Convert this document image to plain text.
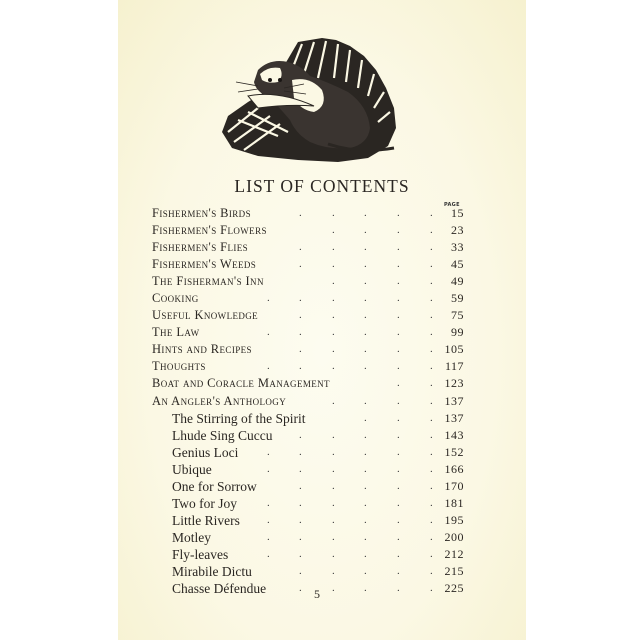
LIST OF CONTENTS
PAGE
.	.	.	.	.
Fishermen's Birds	15
.	.	.	.
Fishermen's Flowers	23
.	.	.	.	.
Fishermen's Flies	33
.	.	.	.	.
Fishermen's Weeds	45
.	.	.	.
The Fisherman's Inn	49
.	.	.	.	.	.
Cooking	59
.	.	.	.	.
Useful Knowledge	75
.	.	.	.	.	.
The Law	99
.	.	.	.	.
Hints and Recipes	105
.	.	.	.	.	.
Thoughts	117
.	.
Boat and Coracle Management	123
.	.	.	.
An Angler's Anthology	137
.	.	.
The Stirring of the Spirit	137
.	.	.	.	.
Lhude Sing Cuccu	143
.	.	.	.	.	.
Genius Loci	152
.	.	.	.	.	.
Ubique	166
.	.	.	.	.
One for Sorrow	170
.	.	.	.	.	.
Two for Joy	181
.	.	.	.	.	.
Little Rivers	195
.	.	.	.	.	.
Motley	200
.	.	.	.	.	.
Fly-leaves	212
.	.	.	.	.
Mirabile Dictu	215
.	.	.	.	.
Chasse Défendue	225
5
